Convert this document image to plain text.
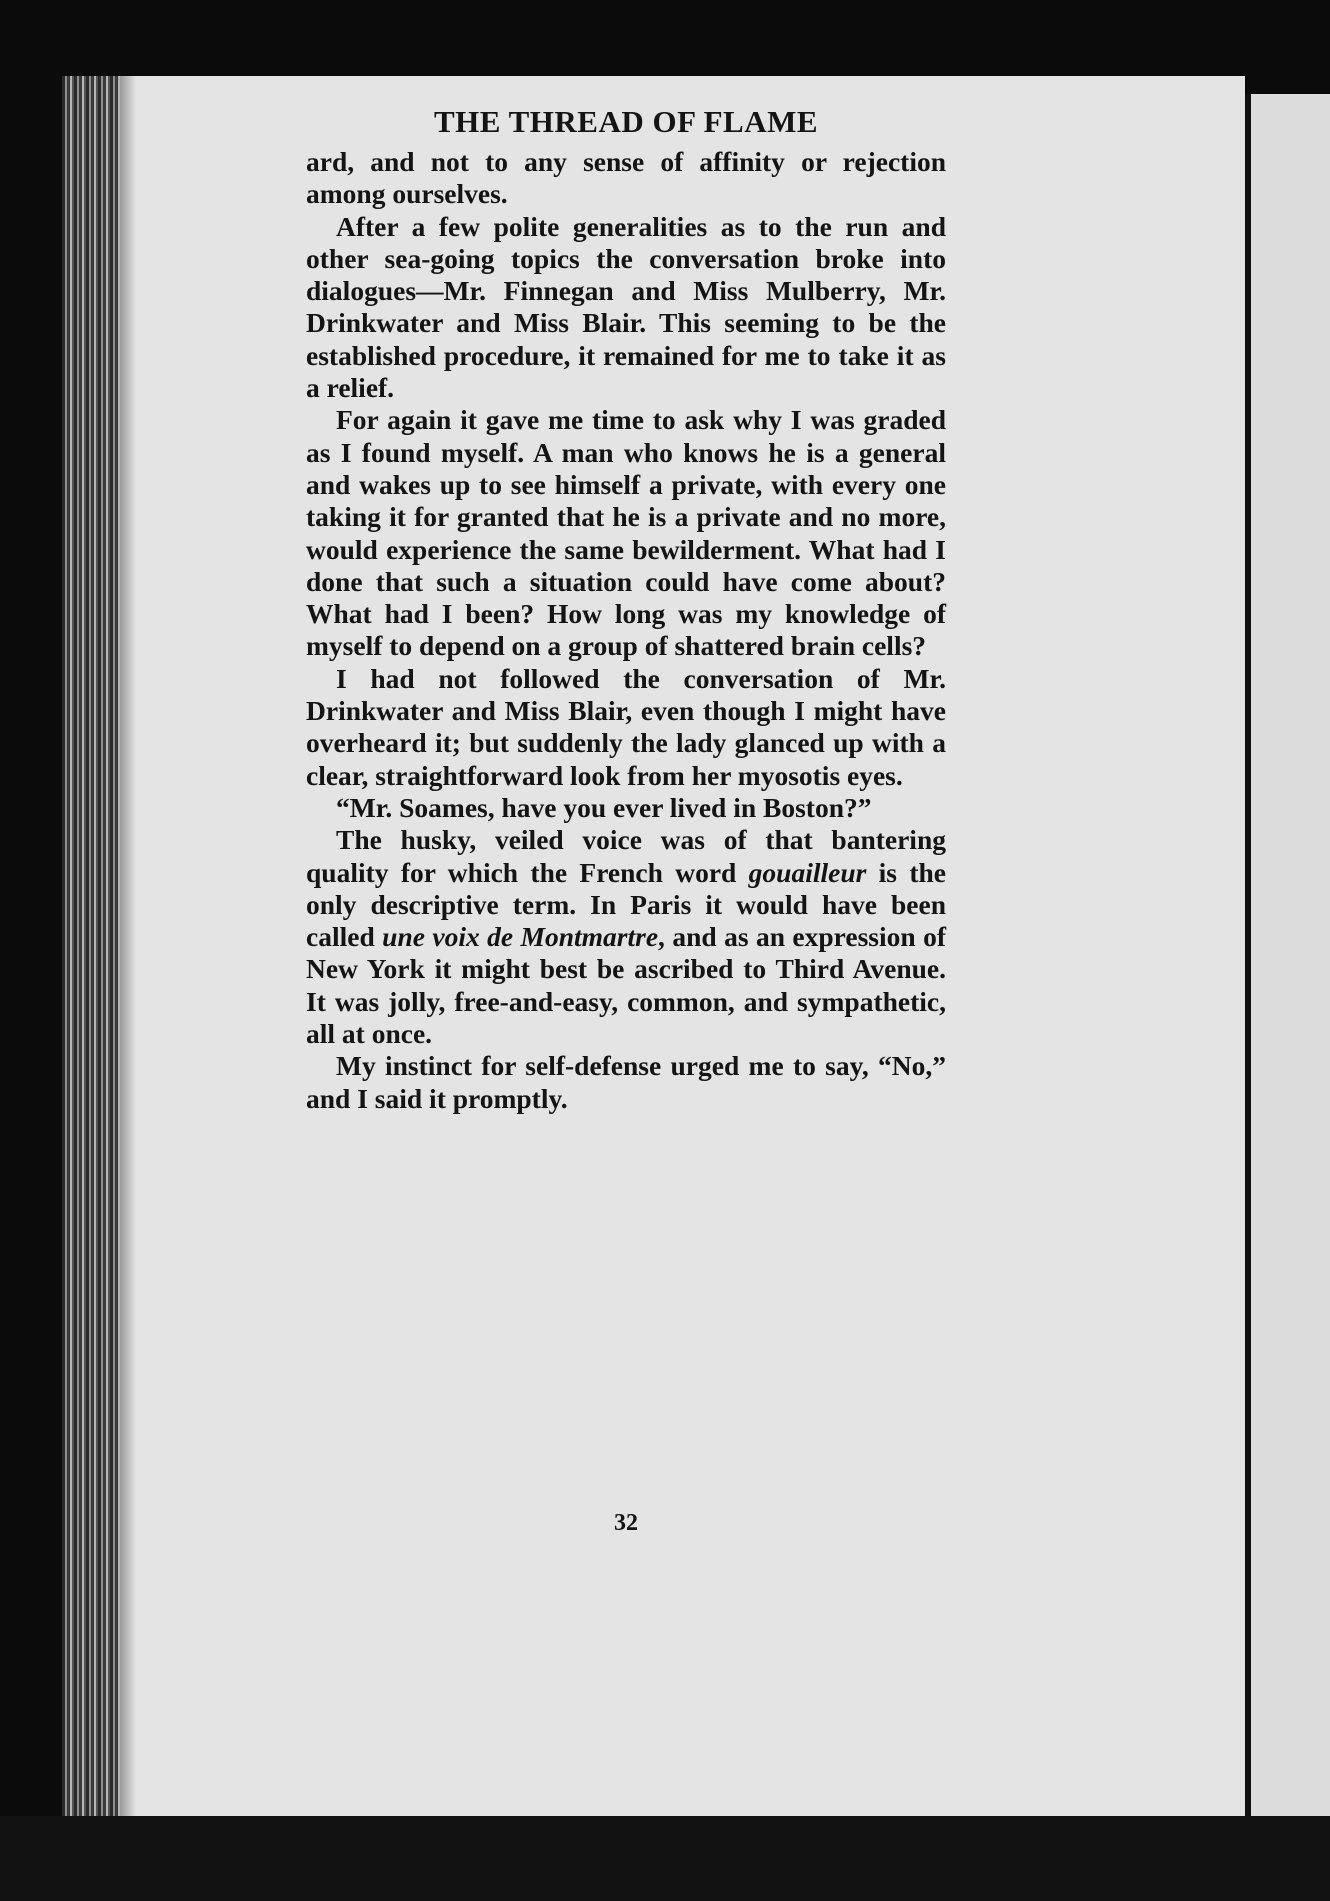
THE THREAD OF FLAME

ard, and not to any sense of affinity or rejection among ourselves.

After a few polite generalities as to the run and other sea-going topics the conversation broke into dialogues—Mr. Finnegan and Miss Mulberry, Mr. Drinkwater and Miss Blair. This seeming to be the established procedure, it remained for me to take it as a relief.

For again it gave me time to ask why I was graded as I found myself. A man who knows he is a general and wakes up to see himself a private, with every one taking it for granted that he is a private and no more, would experience the same bewilderment. What had I done that such a situation could have come about? What had I been? How long was my knowledge of myself to depend on a group of shattered brain cells?

I had not followed the conversation of Mr. Drinkwater and Miss Blair, even though I might have overheard it; but suddenly the lady glanced up with a clear, straightforward look from her myosotis eyes.

“Mr. Soames, have you ever lived in Boston?”

The husky, veiled voice was of that bantering quality for which the French word gouailleur is the only descriptive term. In Paris it would have been called une voix de Montmartre, and as an expression of New York it might best be ascribed to Third Avenue. It was jolly, free-and-easy, common, and sympathetic, all at once.

My instinct for self-defense urged me to say, “No,” and I said it promptly.

32
